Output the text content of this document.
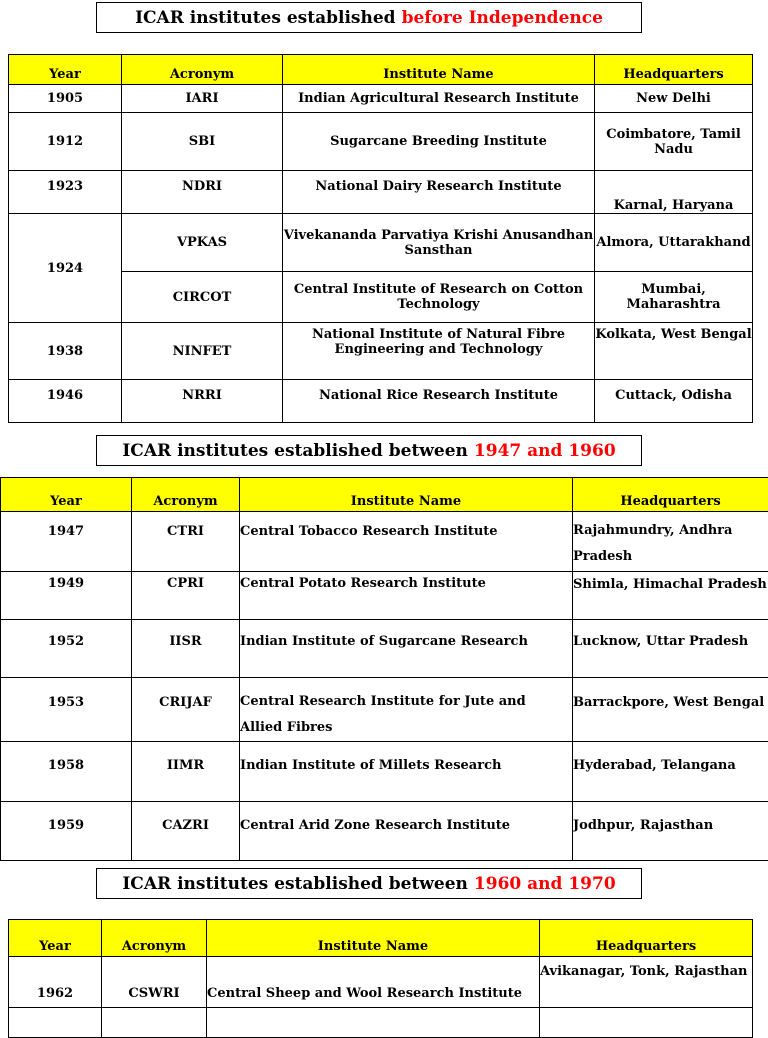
ICAR institutes established before Independence
Year	Acronym	Institute Name	Headquarters
1905	IARI	Indian Agricultural Research Institute	New Delhi
1912	SBI	Sugarcane Breeding Institute	Coimbatore, Tamil Nadu
1923	NDRI	National Dairy Research Institute	Karnal, Haryana
1924	VPKAS	Vivekananda Parvatiya Krishi Anusandhan Sansthan	Almora, Uttarakhand
	CIRCOT	Central Institute of Research on Cotton Technology	Mumbai, Maharashtra
1938	NINFET	National Institute of Natural Fibre Engineering and Technology	Kolkata, West Bengal
1946	NRRI	National Rice Research Institute	Cuttack, Odisha
ICAR institutes established between 1947 and 1960
Year	Acronym	Institute Name	Headquarters
1947	CTRI	Central Tobacco Research Institute	Rajahmundry, Andhra Pradesh
1949	CPRI	Central Potato Research Institute	Shimla, Himachal Pradesh
1952	IISR	Indian Institute of Sugarcane Research	Lucknow, Uttar Pradesh
1953	CRIJAF	Central Research Institute for Jute and Allied Fibres	Barrackpore, West Bengal
1958	IIMR	Indian Institute of Millets Research	Hyderabad, Telangana
1959	CAZRI	Central Arid Zone Research Institute	Jodhpur, Rajasthan
ICAR institutes established between 1960 and 1970
Year	Acronym	Institute Name	Headquarters
1962	CSWRI	Central Sheep and Wool Research Institute	Avikanagar, Tonk, Rajasthan
